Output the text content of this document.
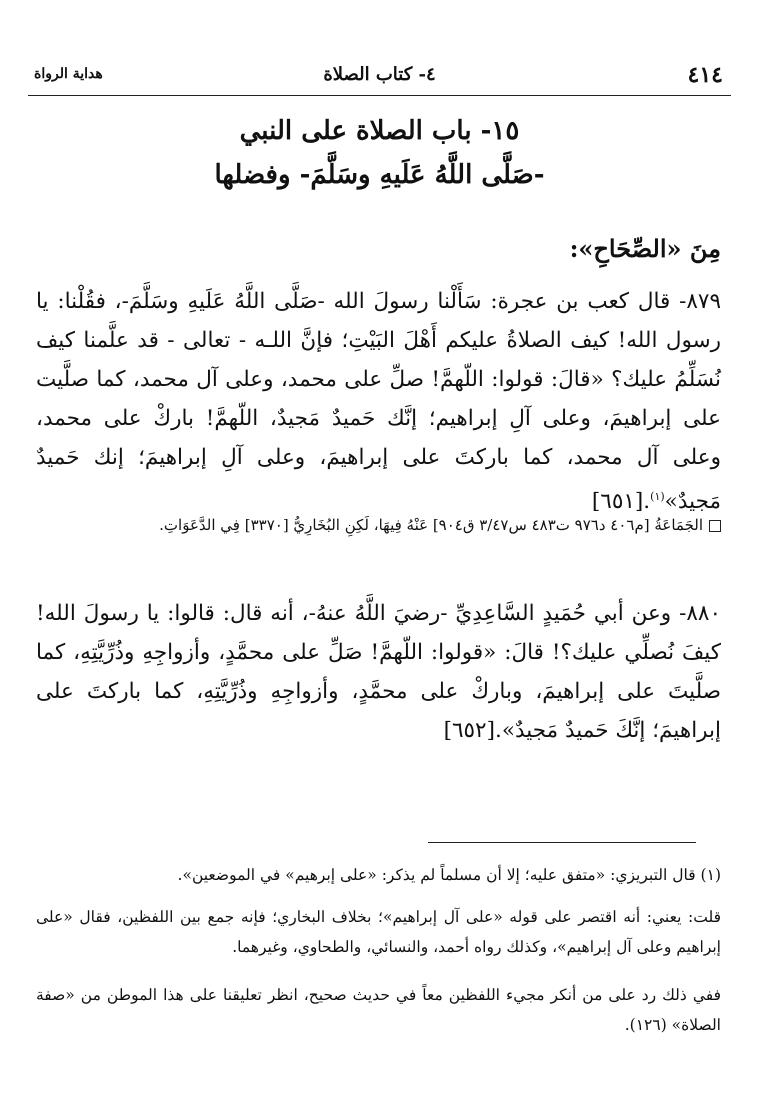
٤١٤
٤- كتاب الصلاة
هداية الرواة
١٥- باب الصلاة على النبي
-صَلَّى اللَّهُ عَلَيهِ وسَلَّمَ- وفضلها
مِنَ «الصِّحَاحِ»:
٨٧٩- قال كعب بن عجرة: سَأَلْنا رسولَ الله -صَلَّى اللَّهُ عَلَيهِ وسَلَّمَ-، فقُلْنا: يا رسول الله! كيف الصلاةُ عليكم أَهْلَ البَيْتِ؛ فإنَّ اللـه - تعالى - قد علَّمنا كيف نُسَلِّمُ عليك؟ «قالَ: قولوا: اللّهمَّ! صلِّ على محمد، وعلى آل محمد، كما صلَّيت على إبراهيمَ، وعلى آلِ إبراهيم؛ إنَّك حَميدٌ مَجيدٌ، اللّهمَّ! باركْ على محمد، وعلى آل محمد، كما باركتَ على إبراهيمَ، وعلى آلِ إبراهيمَ؛ إنك حَميدٌ مَجيدٌ»$^{(١)}$.[٦٥١]
الجَمَاعَةُ [م٤٠٦ د٩٧٦ ت٤٨٣ س٣/٤٧ ق٩٠٤] عَنْهُ فِيهَا، لَكِنِ البُخَارِيُّ [٣٣٧٠] فِي الدَّعَوَاتِ.
٨٨٠- وعن أبي حُمَيدٍ السَّاعِدِيِّ -رضيَ اللَّهُ عنهُ-، أنه قال: قالوا: يا رسولَ الله! كيفَ نُصلِّي عليك؟! قالَ: «قولوا: اللّهمَّ! صَلِّ على محمَّدٍ، وأزواجِهِ وذُرِّيَّتِهِ، كما صلَّيتَ على إبراهيمَ، وباركْ على محمَّدٍ، وأزواجِهِ وذُرِّيَّتِهِ، كما باركتَ على إبراهيمَ؛ إنَّكَ حَميدٌ مَجيدٌ».[٦٥٢]
(١) قال التبريزي: «متفق عليه؛ إلا أن مسلماً لم يذكر: «على إبرهيم» في الموضعين».
قلت: يعني: أنه اقتصر على قوله «على آل إبراهيم»؛ بخلاف البخاري؛ فإنه جمع بين اللفظين، فقال «على إبراهيم وعلى آل إبراهيم»، وكذلك رواه أحمد، والنسائي، والطحاوي، وغيرهما.
ففي ذلك رد على من أنكر مجيء اللفظين معاً في حديث صحيح، انظر تعليقنا على هذا الموطن من «صفة الصلاة» (١٢٦).
